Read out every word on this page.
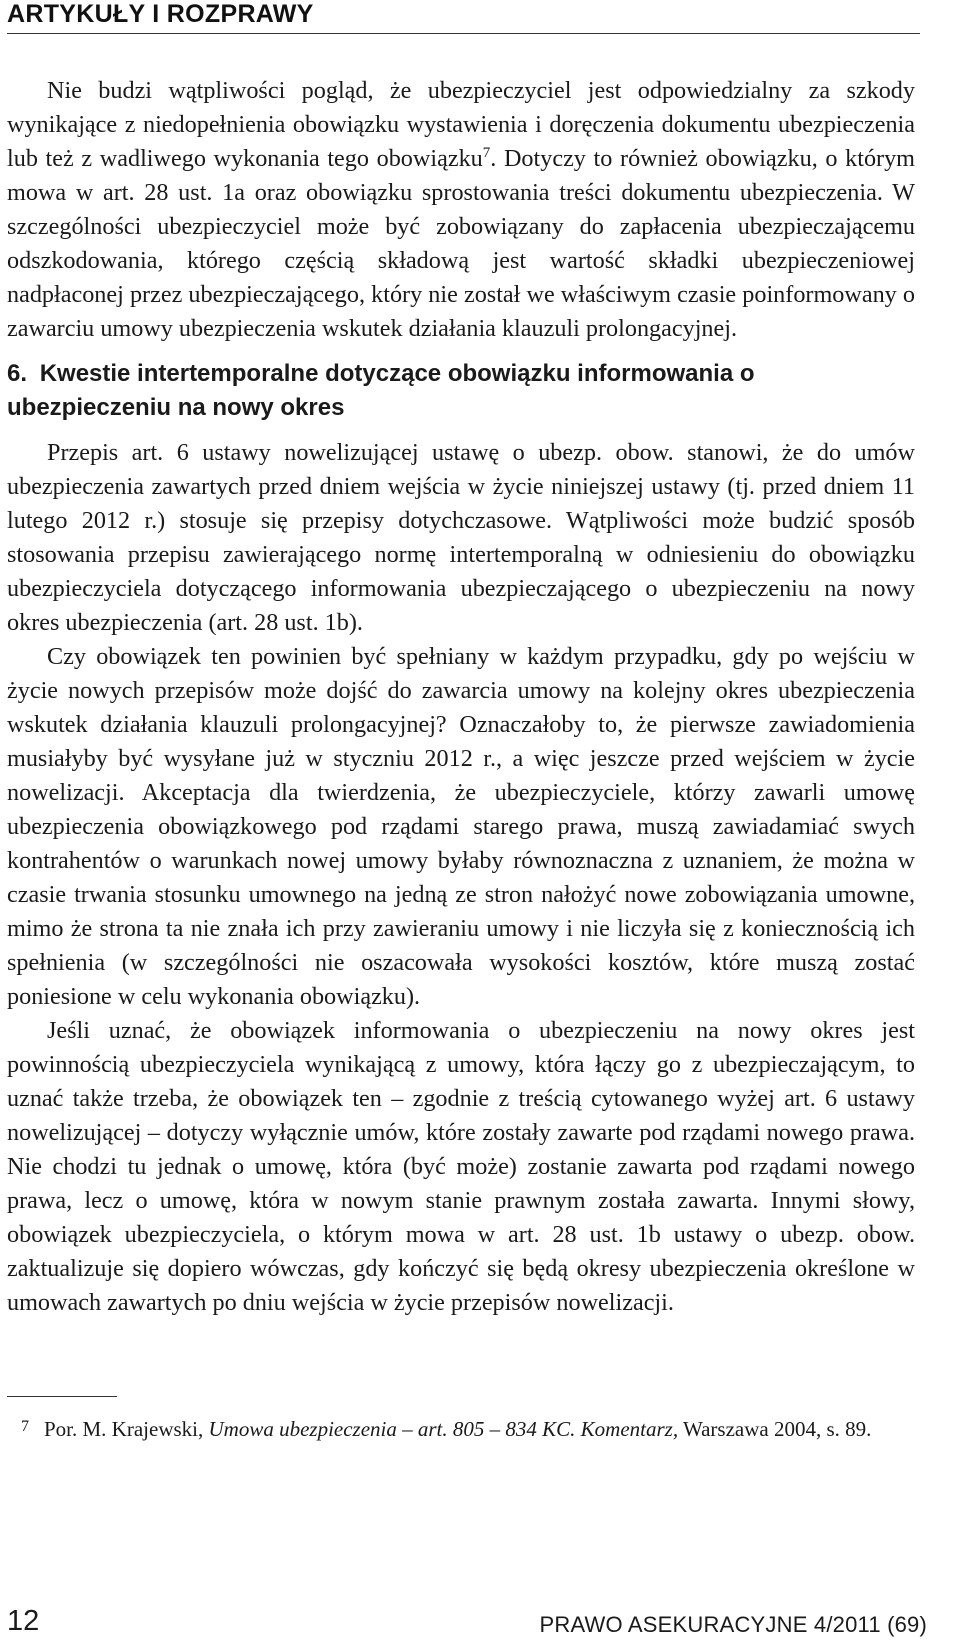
ARTYKUŁY I ROZPRAWY

Nie budzi wątpliwości pogląd, że ubezpieczyciel jest odpowiedzialny za szkody wynikające z niedopełnienia obowiązku wystawienia i doręczenia dokumentu ubezpieczenia lub też z wadliwego wykonania tego obowiązku$^7$. Dotyczy to również obowiązku, o którym mowa w art. 28 ust. 1a oraz obowiązku sprostowania treści dokumentu ubezpieczenia. W szczególności ubezpieczyciel może być zobowiązany do zapłacenia ubezpieczającemu odszkodowania, którego częścią składową jest wartość składki ubezpieczeniowej nadpłaconej przez ubezpieczającego, który nie został we właściwym czasie poinformowany o zawarciu umowy ubezpieczenia wskutek działania klauzuli prolongacyjnej.

6. Kwestie intertemporalne dotyczące obowiązku informowania o ubezpieczeniu na nowy okres

Przepis art. 6 ustawy nowelizującej ustawę o ubezp. obow. stanowi, że do umów ubezpieczenia zawartych przed dniem wejścia w życie niniejszej ustawy (tj. przed dniem 11 lutego 2012 r.) stosuje się przepisy dotychczasowe. Wątpliwości może budzić sposób stosowania przepisu zawierającego normę intertemporalną w odniesieniu do obowiązku ubezpieczyciela dotyczącego informowania ubezpieczającego o ubezpieczeniu na nowy okres ubezpieczenia (art. 28 ust. 1b).

Czy obowiązek ten powinien być spełniany w każdym przypadku, gdy po wejściu w życie nowych przepisów może dojść do zawarcia umowy na kolejny okres ubezpieczenia wskutek działania klauzuli prolongacyjnej? Oznaczałoby to, że pierwsze zawiadomienia musiałyby być wysyłane już w styczniu 2012 r., a więc jeszcze przed wejściem w życie nowelizacji. Akceptacja dla twierdzenia, że ubezpieczyciele, którzy zawarli umowę ubezpieczenia obowiązkowego pod rządami starego prawa, muszą zawiadamiać swych kontrahentów o warunkach nowej umowy byłaby równoznaczna z uznaniem, że można w czasie trwania stosunku umownego na jedną ze stron nałożyć nowe zobowiązania umowne, mimo że strona ta nie znała ich przy zawieraniu umowy i nie liczyła się z koniecznością ich spełnienia (w szczególności nie oszacowała wysokości kosztów, które muszą zostać poniesione w celu wykonania obowiązku).

Jeśli uznać, że obowiązek informowania o ubezpieczeniu na nowy okres jest powinnością ubezpieczyciela wynikającą z umowy, która łączy go z ubezpieczającym, to uznać także trzeba, że obowiązek ten – zgodnie z treścią cytowanego wyżej art. 6 ustawy nowelizującej – dotyczy wyłącznie umów, które zostały zawarte pod rządami nowego prawa. Nie chodzi tu jednak o umowę, która (być może) zostanie zawarta pod rządami nowego prawa, lecz o umowę, która w nowym stanie prawnym została zawarta. Innymi słowy, obowiązek ubezpieczyciela, o którym mowa w art. 28 ust. 1b ustawy o ubezp. obow. zaktualizuje się dopiero wówczas, gdy kończyć się będą okresy ubezpieczenia określone w umowach zawartych po dniu wejścia w życie przepisów nowelizacji.

7 Por. M. Krajewski, Umowa ubezpieczenia – art. 805 – 834 KC. Komentarz, Warszawa 2004, s. 89.
12	PRAWO ASEKURACYJNE 4/2011 (69)
